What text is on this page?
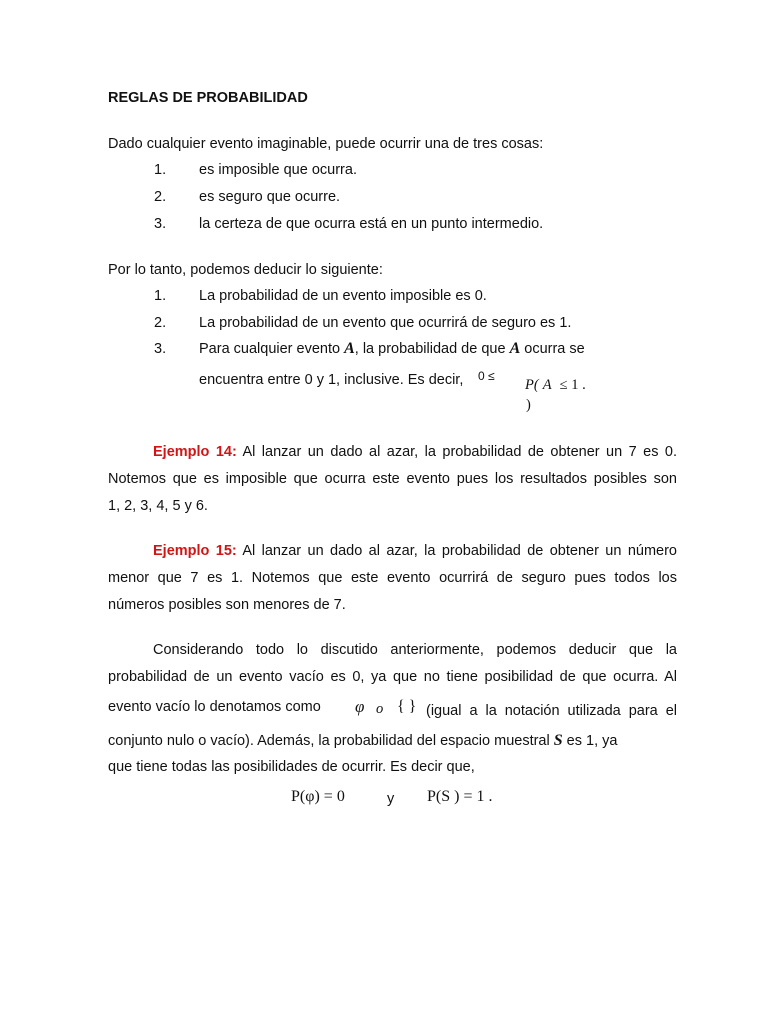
REGLAS DE PROBABILIDAD
Dado cualquier evento imaginable, puede ocurrir una de tres cosas:
1. es imposible que ocurra.
2. es seguro que ocurre.
3. la certeza de que ocurra está en un punto intermedio.
Por lo tanto, podemos deducir lo siguiente:
1. La probabilidad de un evento imposible es 0.
2. La probabilidad de un evento que ocurrirá de seguro es 1.
3. Para cualquier evento A, la probabilidad de que A ocurra se
encuentra entre 0 y 1, inclusive. Es decir, 0 ≤
P( A ≤ 1 .
)
Ejemplo 14: Al lanzar un dado al azar, la probabilidad de obtener un 7 es 0.
Notemos que es imposible que ocurra este evento pues los resultados posibles son
1, 2, 3, 4, 5 y 6.
Ejemplo 15: Al lanzar un dado al azar, la probabilidad de obtener un número
menor que 7 es 1. Notemos que este evento ocurrirá de seguro pues todos los
números posibles son menores de 7.
Considerando todo lo discutido anteriormente, podemos deducir que la
probabilidad de un evento vacío es 0, ya que no tiene posibilidad de que ocurra. Al
evento vacío lo denotamos como φ o { } (igual a la notación utilizada para el
conjunto nulo o vacío). Además, la probabilidad del espacio muestral S es 1, ya
que tiene todas las posibilidades de ocurrir. Es decir que,
P(φ) = 0	y P(S ) = 1 .
